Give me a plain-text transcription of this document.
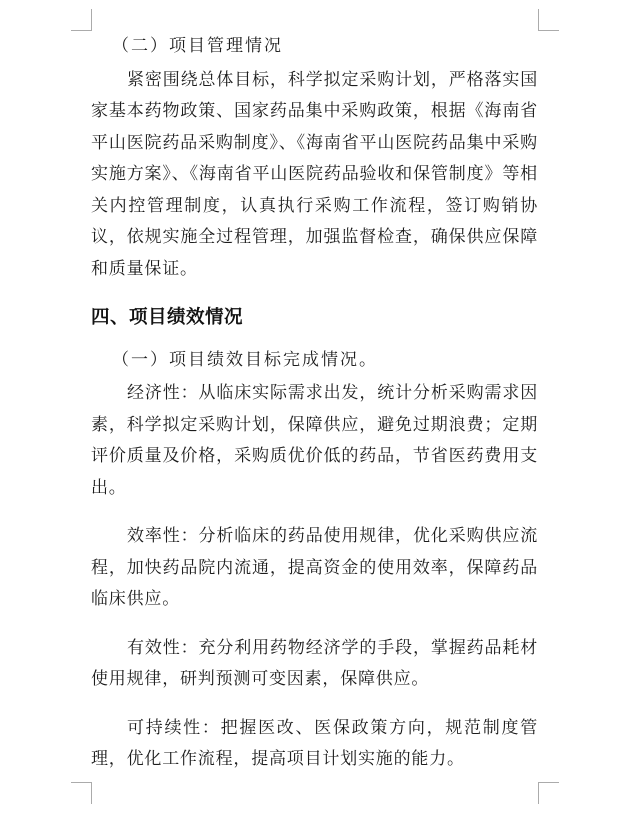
（二）项目管理情况

紧密围绕总体目标，科学拟定采购计划，严格落实国家基本药物政策、国家药品集中采购政策，根据《海南省平山医院药品采购制度》、《海南省平山医院药品集中采购实施方案》、《海南省平山医院药品验收和保管制度》等相关内控管理制度，认真执行采购工作流程，签订购销协议，依规实施全过程管理，加强监督检查，确保供应保障和质量保证。

四、项目绩效情况

（一）项目绩效目标完成情况。

经济性：从临床实际需求出发，统计分析采购需求因素，科学拟定采购计划，保障供应，避免过期浪费；定期评价质量及价格，采购质优价低的药品，节省医药费用支出。

效率性：分析临床的药品使用规律，优化采购供应流程，加快药品院内流通，提高资金的使用效率，保障药品临床供应。

有效性：充分利用药物经济学的手段，掌握药品耗材使用规律，研判预测可变因素，保障供应。

可持续性：把握医改、医保政策方向，规范制度管理，优化工作流程，提高项目计划实施的能力。
